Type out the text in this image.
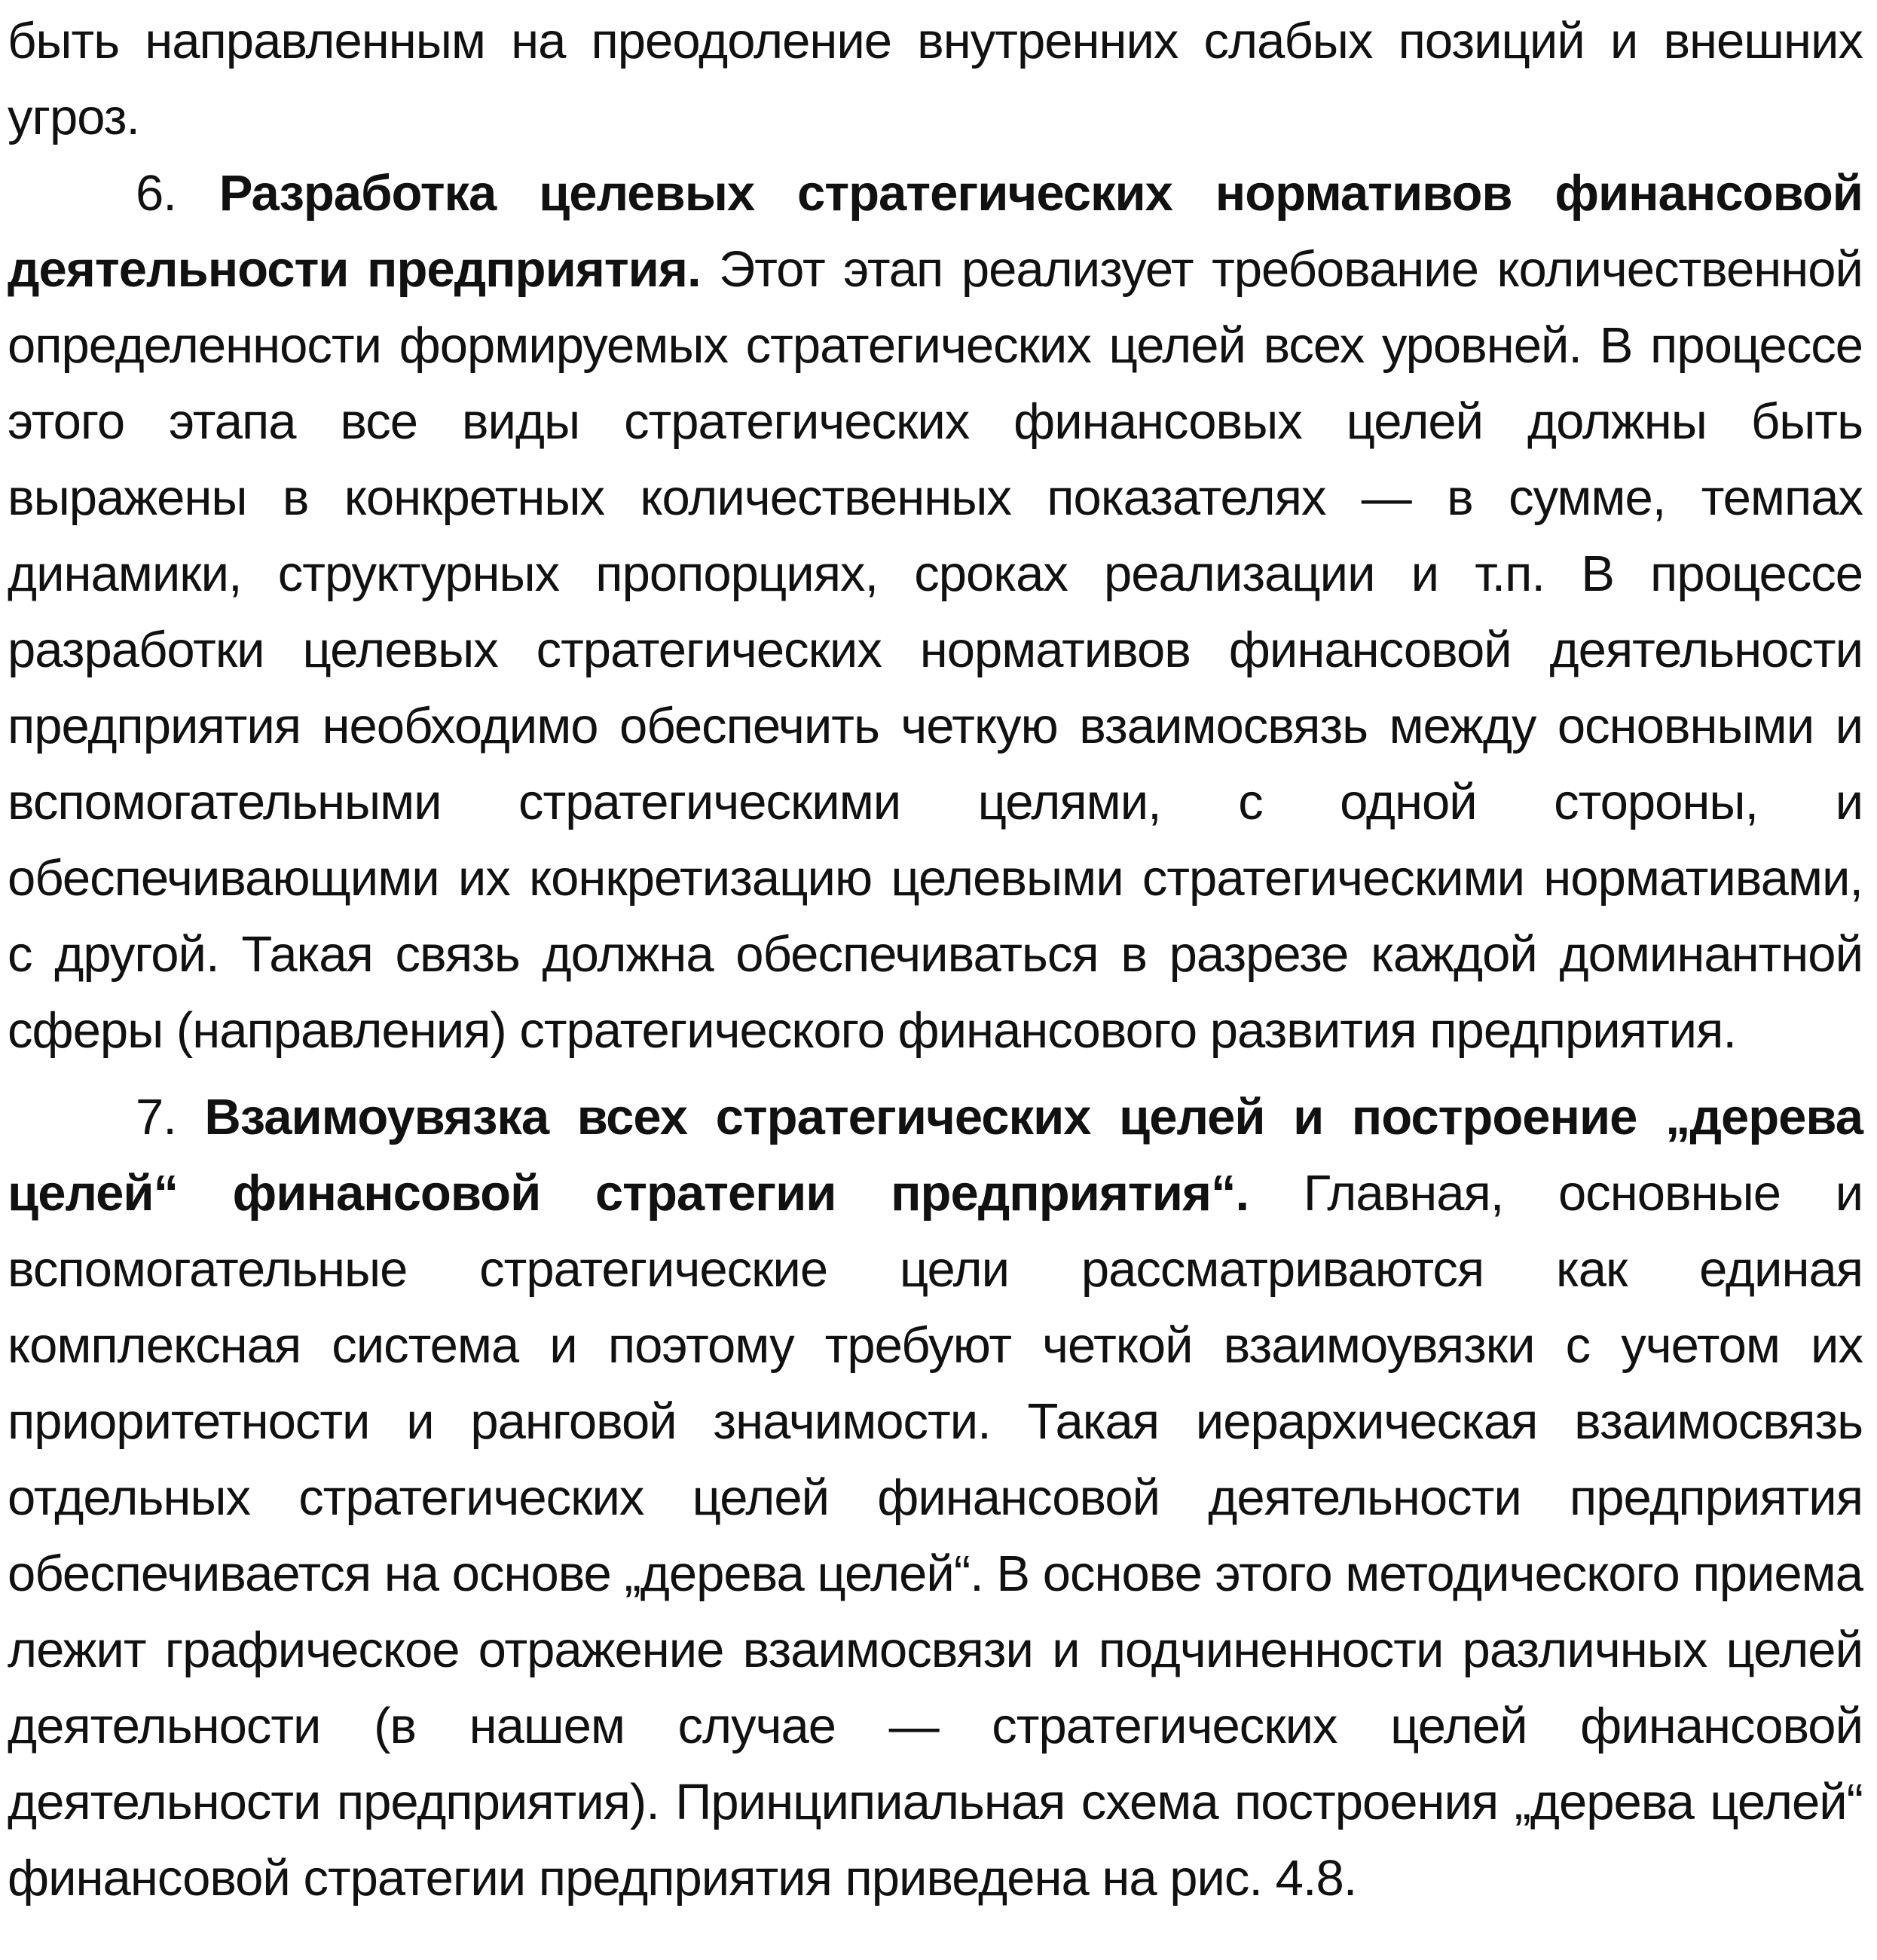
быть направленным на преодоление внутренних слабых позиций и внешних угроз.

6. Разработка целевых стратегических нормативов финансовой деятельности предприятия. Этот этап реализует требование количественной определенности формируемых стратегических целей всех уровней. В процессе этого этапа все виды стратегических финансовых целей должны быть выражены в конкретных количественных показателях — в сумме, темпах динамики, структурных пропорциях, сроках реализации и т.п. В процессе разработки целевых стратегических нормативов финансовой деятельности предприятия необходимо обеспечить четкую взаимосвязь между основными и вспомогательными стратегическими целями, с одной стороны, и обеспечивающими их конкретизацию целевыми стратегическими нормативами, с другой. Такая связь должна обеспечиваться в разрезе каждой доминантной сферы (направления) стратегического финансового развития предприятия.

7. Взаимоувязка всех стратегических целей и построение „дерева целей“ финансовой стратегии предприятия“. Главная, основные и вспомогательные стратегические цели рассматриваются как единая комплексная система и поэтому требуют четкой взаимоувязки с учетом их приоритетности и ранговой значимости. Такая иерархическая взаимосвязь отдельных стратегических целей финансовой деятельности предприятия обеспечивается на основе „дерева целей“. В основе этого методического приема лежит графическое отражение взаимосвязи и подчиненности различных целей деятельности (в нашем случае — стратегических целей финансовой деятельности предприятия). Принципиальная схема построения „дерева целей“ финансовой стратегии предприятия приведена на рис. 4.8.
